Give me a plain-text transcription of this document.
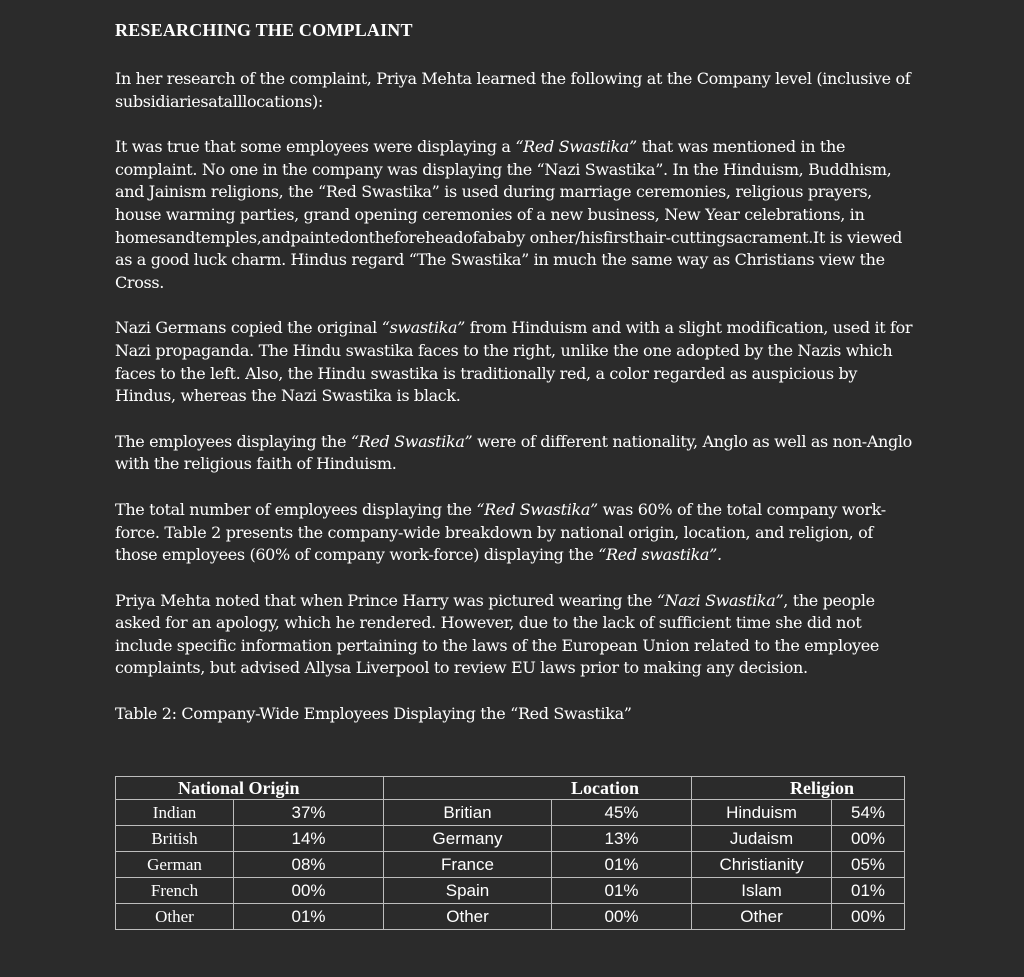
RESEARCHING THE COMPLAINT

In her research of the complaint, Priya Mehta learned the following at the Company level (inclusive of subsidiariesatalllocations):

It was true that some employees were displaying a “Red Swastika” that was mentioned in the complaint. No one in the company was displaying the “Nazi Swastika”. In the Hinduism, Buddhism, and Jainism religions, the “Red Swastika” is used during marriage ceremonies, religious prayers, house warming parties, grand opening ceremonies of a new business, New Year celebrations, in homesandtemples,andpaintedontheforeheadofababy onher/hisfirsthair-cuttingsacrament.It is viewed as a good luck charm. Hindus regard “The Swastika” in much the same way as Christians view the Cross.

Nazi Germans copied the original “swastika” from Hinduism and with a slight modification, used it for Nazi propaganda. The Hindu swastika faces to the right, unlike the one adopted by the Nazis which faces to the left. Also, the Hindu swastika is traditionally red, a color regarded as auspicious by Hindus, whereas the Nazi Swastika is black.

The employees displaying the “Red Swastika” were of different nationality, Anglo as well as non-Anglo with the religious faith of Hinduism.

The total number of employees displaying the “Red Swastika” was 60% of the total company work- force. Table 2 presents the company-wide breakdown by national origin, location, and religion, of those employees (60% of company work-force) displaying the “Red swastika”.

Priya Mehta noted that when Prince Harry was pictured wearing the “Nazi Swastika”, the people asked for an apology, which he rendered. However, due to the lack of sufficient time she did not include specific information pertaining to the laws of the European Union related to the employee complaints, but advised Allysa Liverpool to review EU laws prior to making any decision.

Table 2: Company-Wide Employees Displaying the “Red Swastika”

National Origin		Location		Religion	
Indian	37%	Britian	45%	Hinduism	54%
British	14%	Germany	13%	Judaism	00%
German	08%	France	01%	Christianity	05%
French	00%	Spain	01%	Islam	01%
Other	01%	Other	00%	Other	00%
